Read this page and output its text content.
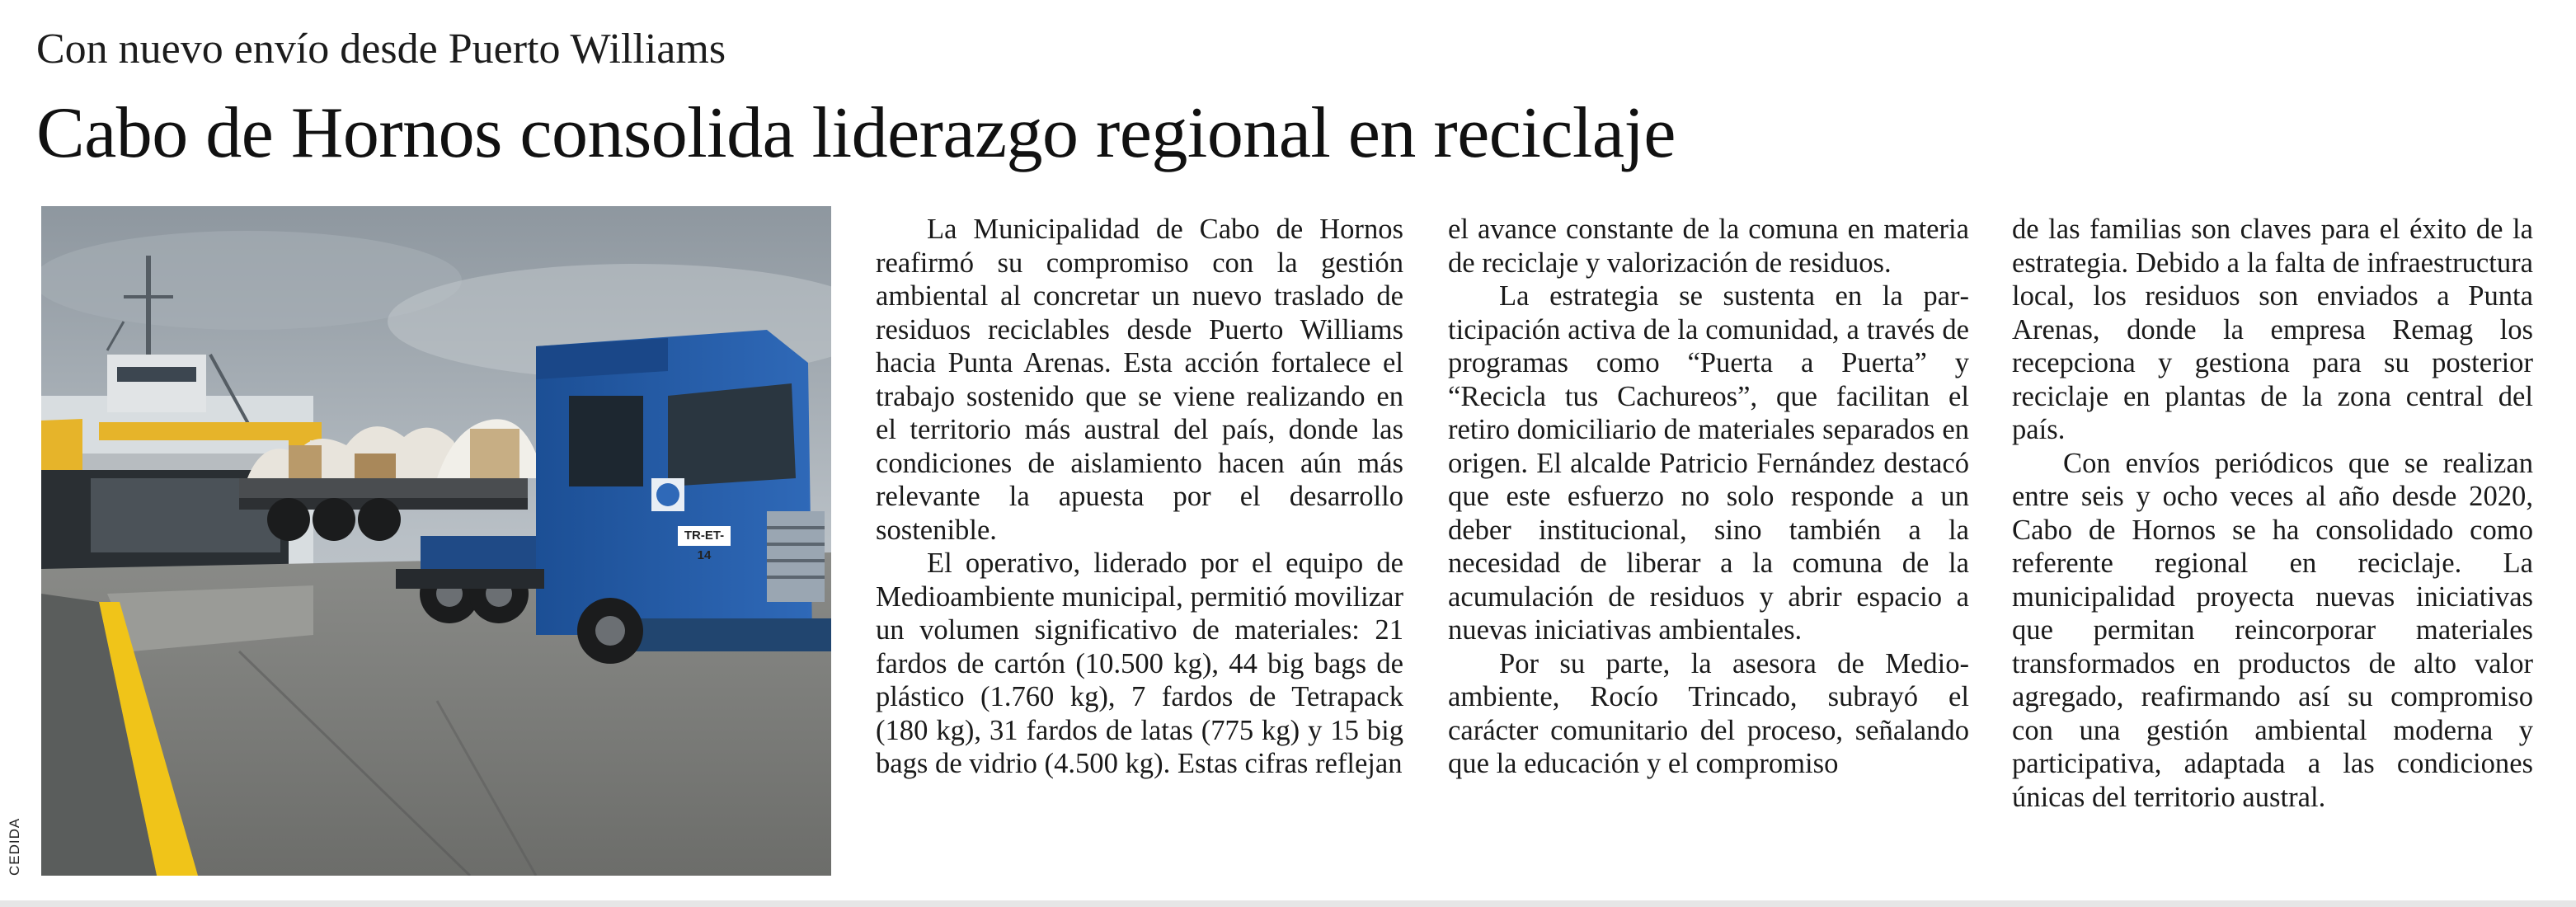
Con nuevo envío desde Puerto Williams
Cabo de Hornos consolida liderazgo regional en reciclaje
TR-ET-14
CEDIDA

La Municipalidad de Cabo de Hornos reafirmó su compromiso con la gestión ambiental al concretar un nuevo traslado de residuos reciclables desde Puerto Williams hacia Punta Arenas. Esta acción fortalece el trabajo sostenido que se viene realizando en el territorio más austral del país, donde las condiciones de aislamiento hacen aún más relevante la apuesta por el desarrollo sostenible.

El operativo, liderado por el equipo de Medioambiente municipal, permitió movilizar un volumen significativo de materiales: 21 fardos de cartón (10.500 kg), 44 big bags de plástico (1.760 kg), 7 fardos de Tetrapack (180 kg), 31 fardos de latas (775 kg) y 15 big bags de vidrio (4.500 kg). Estas cifras reflejan

el avance constante de la comuna en materia de reciclaje y valorización de residuos.

La estrategia se sustenta en la participación activa de la comunidad, a través de programas como “Puerta a Puerta” y “Recicla tus Cachureos”, que facilitan el retiro domiciliario de materiales separados en origen. El alcalde Patricio Fernández destacó que este esfuerzo no solo responde a un deber institucional, sino también a la necesidad de liberar a la comuna de la acumulación de residuos y abrir espacio a nuevas iniciativas ambientales.

Por su parte, la asesora de Medioambiente, Rocío Trincado, subrayó el carácter comunitario del proceso, señalando que la educación y el compromiso

de las familias son claves para el éxito de la estrategia. Debido a la falta de infraestructura local, los residuos son enviados a Punta Arenas, donde la empresa Remag los recepciona y gestiona para su posterior reciclaje en plantas de la zona central del país.

Con envíos periódicos que se realizan entre seis y ocho veces al año desde 2020, Cabo de Hornos se ha consolidado como referente regional en reciclaje. La municipalidad proyecta nuevas iniciativas que permitan reincorporar materiales transformados en productos de alto valor agregado, reafirmando así su compromiso con una gestión ambiental moderna y participativa, adaptada a las condiciones únicas del territorio austral.
